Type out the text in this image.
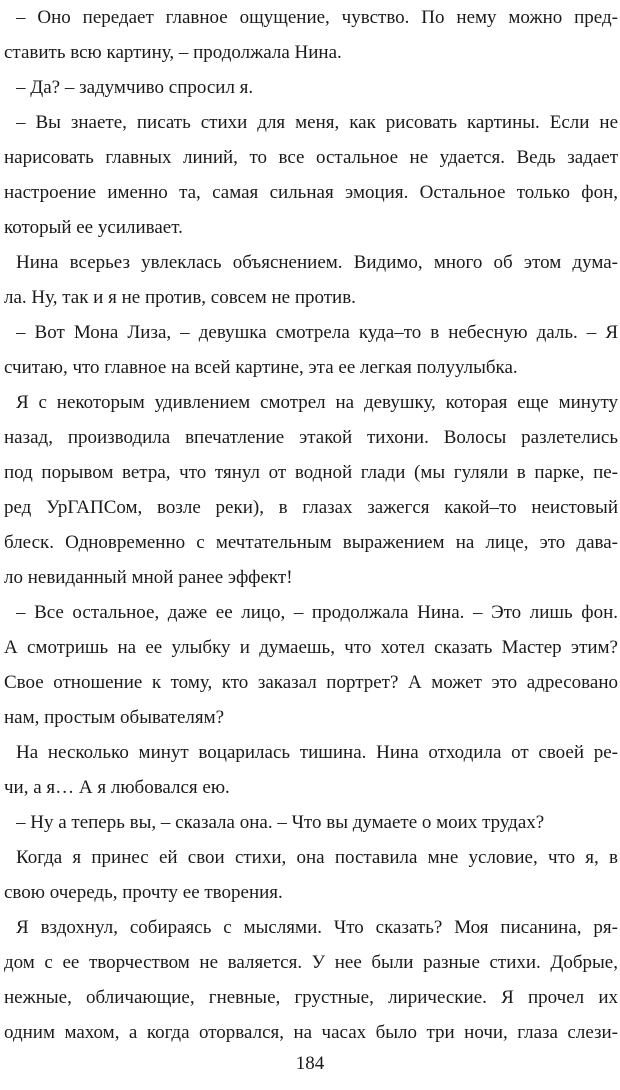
– Оно передает главное ощущение, чувство. По нему можно пред-
ставить всю картину, – продолжала Нина.
– Да? – задумчиво спросил я.
– Вы знаете, писать стихи для меня, как рисовать картины. Если не
нарисовать главных линий, то все остальное не удается. Ведь задает
настроение именно та, самая сильная эмоция. Остальное только фон,
который ее усиливает.
Нина всерьез увлеклась объяснением. Видимо, много об этом дума-
ла. Ну, так и я не против, совсем не против.
– Вот Мона Лиза, – девушка смотрела куда–то в небесную даль. – Я
считаю, что главное на всей картине, эта ее легкая полуулыбка.
Я с некоторым удивлением смотрел на девушку, которая еще минуту
назад, производила впечатление этакой тихони. Волосы разлетелись
под порывом ветра, что тянул от водной глади (мы гуляли в парке, пе-
ред УрГАПСом, возле реки), в глазах зажегся какой–то неистовый
блеск. Одновременно с мечтательным выражением на лице, это дава-
ло невиданный мной ранее эффект!
– Все остальное, даже ее лицо, – продолжала Нина. – Это лишь фон.
А смотришь на ее улыбку и думаешь, что хотел сказать Мастер этим?
Свое отношение к тому, кто заказал портрет? А может это адресовано
нам, простым обывателям?
На несколько минут воцарилась тишина. Нина отходила от своей ре-
чи, а я… А я любовался ею.
– Ну а теперь вы, – сказала она. – Что вы думаете о моих трудах?
Когда я принес ей свои стихи, она поставила мне условие, что я, в
свою очередь, прочту ее творения.
Я вздохнул, собираясь с мыслями. Что сказать? Моя писанина, ря-
дом с ее творчеством не валяется. У нее были разные стихи. Добрые,
нежные, обличающие, гневные, грустные, лирические. Я прочел их
одним махом, а когда оторвался, на часах было три ночи, глаза слези-
184
